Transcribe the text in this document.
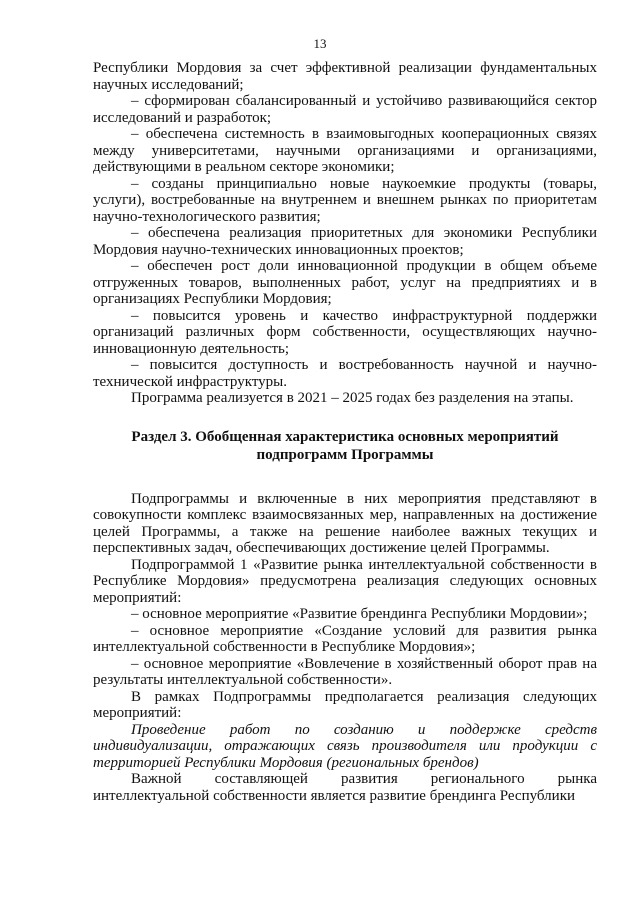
13

Республики Мордовия за счет эффективной реализации фундаментальных научных исследований;

– сформирован сбалансированный и устойчиво развивающийся сектор исследований и разработок;

– обеспечена системность в взаимовыгодных кооперационных связях между университетами, научными организациями и организациями, действующими в реальном секторе экономики;

– созданы принципиально новые наукоемкие продукты (товары, услуги), востребованные на внутреннем и внешнем рынках по приоритетам научно-технологического развития;

– обеспечена реализация приоритетных для экономики Республики Мордовия научно-технических инновационных проектов;

– обеспечен рост доли инновационной продукции в общем объеме отгруженных товаров, выполненных работ, услуг на предприятиях и в организациях Республики Мордовия;

– повысится уровень и качество инфраструктурной поддержки организаций различных форм собственности, осуществляющих научно-инновационную деятельность;

– повысится доступность и востребованность научной и научно-технической инфраструктуры.

Программа реализуется в 2021 – 2025 годах без разделения на этапы.

Раздел 3. Обобщенная характеристика основных мероприятий
подпрограмм Программы

Подпрограммы и включенные в них мероприятия представляют в совокупности комплекс взаимосвязанных мер, направленных на достижение целей Программы, а также на решение наиболее важных текущих и перспективных задач, обеспечивающих достижение целей Программы.

Подпрограммой 1 «Развитие рынка интеллектуальной собственности в Республике Мордовия» предусмотрена реализация следующих основных мероприятий:

– основное мероприятие «Развитие брендинга Республики Мордовии»;

– основное мероприятие «Создание условий для развития рынка интеллектуальной собственности в Республике Мордовия»;

– основное мероприятие «Вовлечение в хозяйственный оборот прав на результаты интеллектуальной собственности».

В рамках Подпрограммы предполагается реализация следующих мероприятий:

Проведение работ по созданию и поддержке средств индивидуализации, отражающих связь производителя или продукции с территорией Республики Мордовия (региональных брендов)

Важной составляющей развития регионального рынка интеллектуальной собственности является развитие брендинга Республики
